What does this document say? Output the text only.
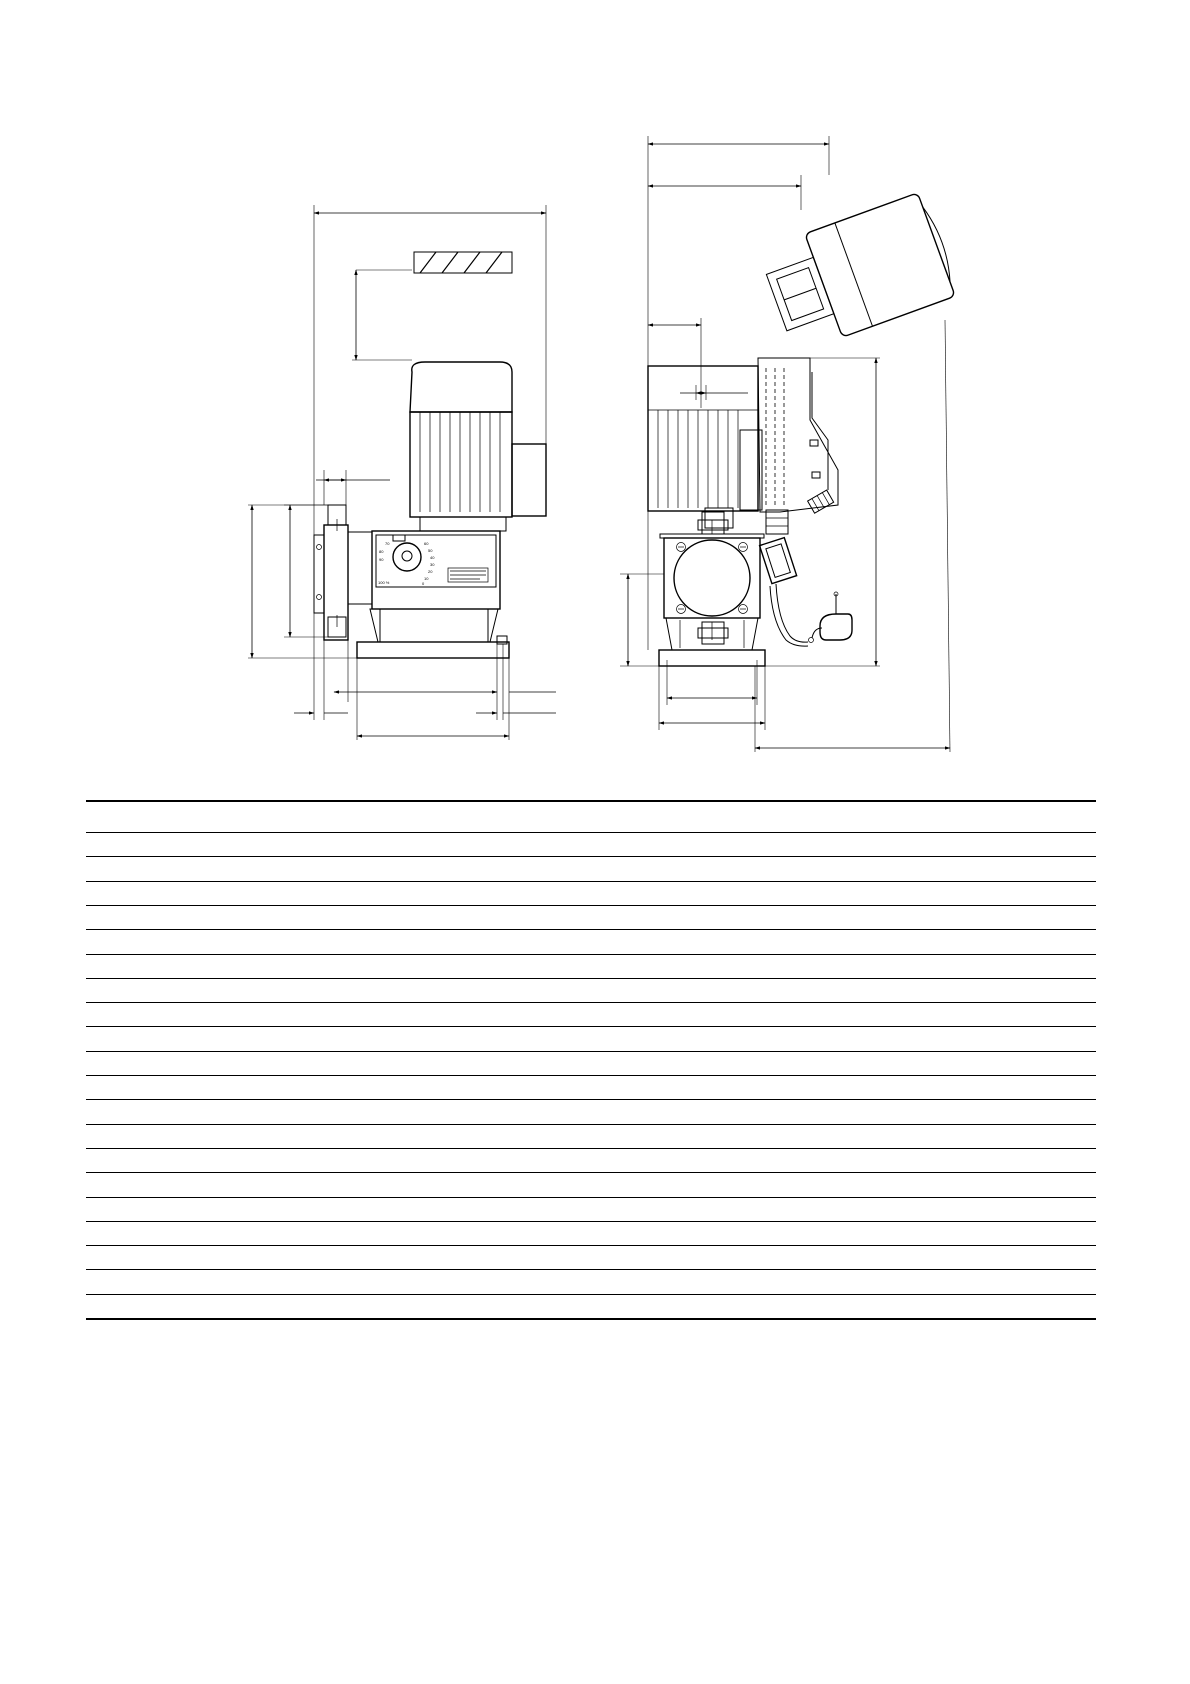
70
80
90
100 %
60
50
40
30
20
10
0
